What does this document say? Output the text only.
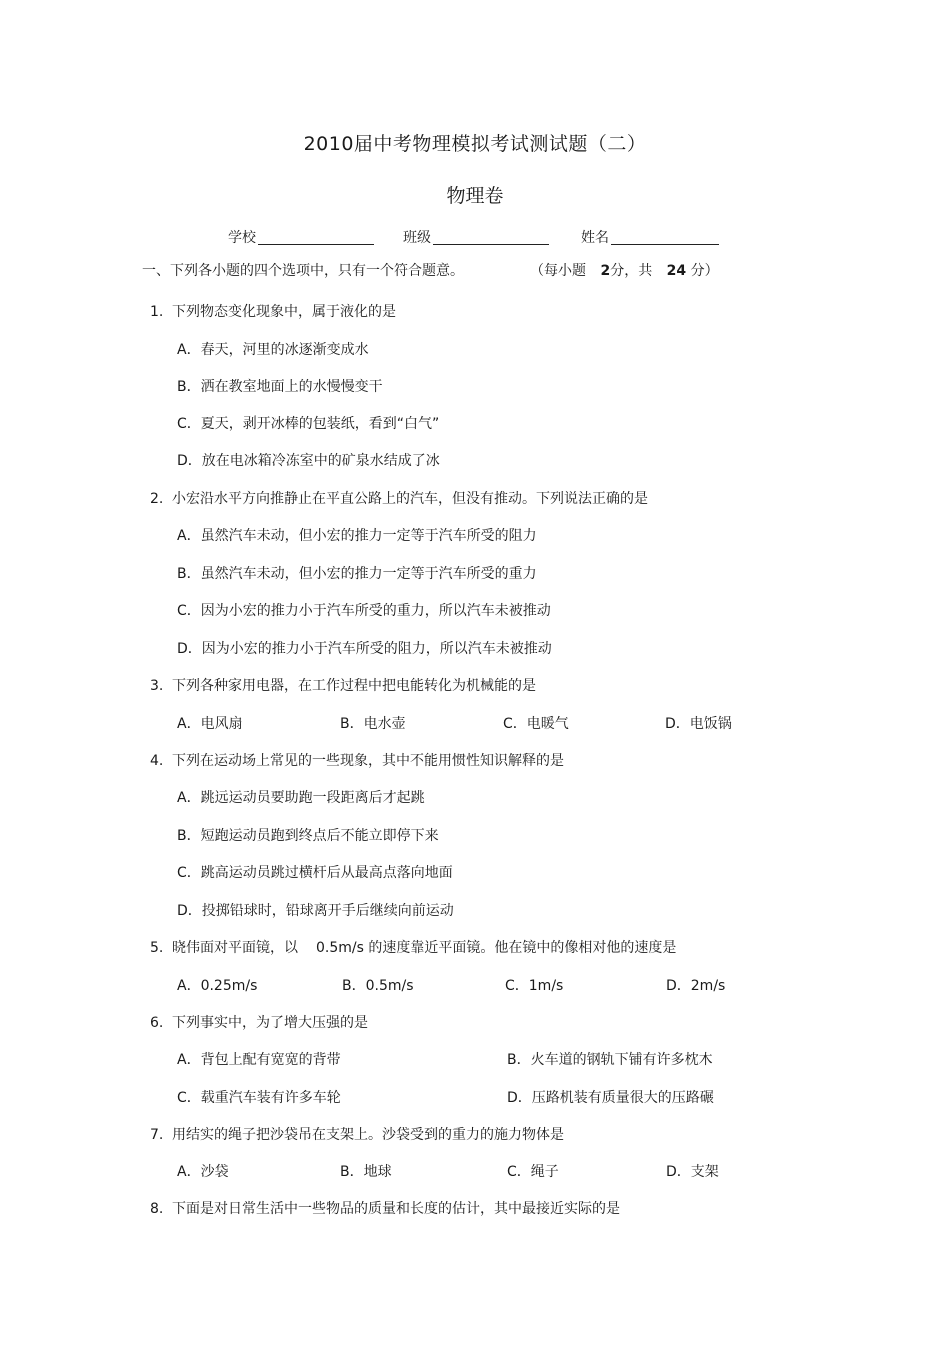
2010届中考物理模拟考试测试题（二）
物理卷
学校	班级	姓名
一、下列各小题的四个选项中，只有一个符合题意。	（每小题 2分，共 24 分）
1. 下列物态变化现象中，属于液化的是
A．春天，河里的冰逐渐变成水
B．洒在教室地面上的水慢慢变干
C．夏天，剥开冰棒的包装纸，看到“白气”
D．放在电冰箱冷冻室中的矿泉水结成了冰
2. 小宏沿水平方向推静止在平直公路上的汽车，但没有推动。下列说法正确的是
A．虽然汽车未动，但小宏的推力一定等于汽车所受的阻力
B．虽然汽车未动，但小宏的推力一定等于汽车所受的重力
C．因为小宏的推力小于汽车所受的重力，所以汽车未被推动
D．因为小宏的推力小于汽车所受的阻力，所以汽车未被推动
3. 下列各种家用电器，在工作过程中把电能转化为机械能的是
A．电风扇	B．电水壶	C．电暖气	D．电饭锅
4. 下列在运动场上常见的一些现象，其中不能用惯性知识解释的是
A．跳远运动员要助跑一段距离后才起跳
B．短跑运动员跑到终点后不能立即停下来
C．跳高运动员跳过横杆后从最高点落向地面
D．投掷铅球时，铅球离开手后继续向前运动
5. 晓伟面对平面镜，以 0.5m/s 的速度靠近平面镜。他在镜中的像相对他的速度是
A．0.25m/s	B．0.5m/s	C．1m/s	D．2m/s
6. 下列事实中，为了增大压强的是
A．背包上配有宽宽的背带	B．火车道的钢轨下铺有许多枕木
C．载重汽车装有许多车轮	D．压路机装有质量很大的压路碾
7. 用结实的绳子把沙袋吊在支架上。沙袋受到的重力的施力物体是
A．沙袋	B．地球	C．绳子	D．支架
8. 下面是对日常生活中一些物品的质量和长度的估计，其中最接近实际的是
